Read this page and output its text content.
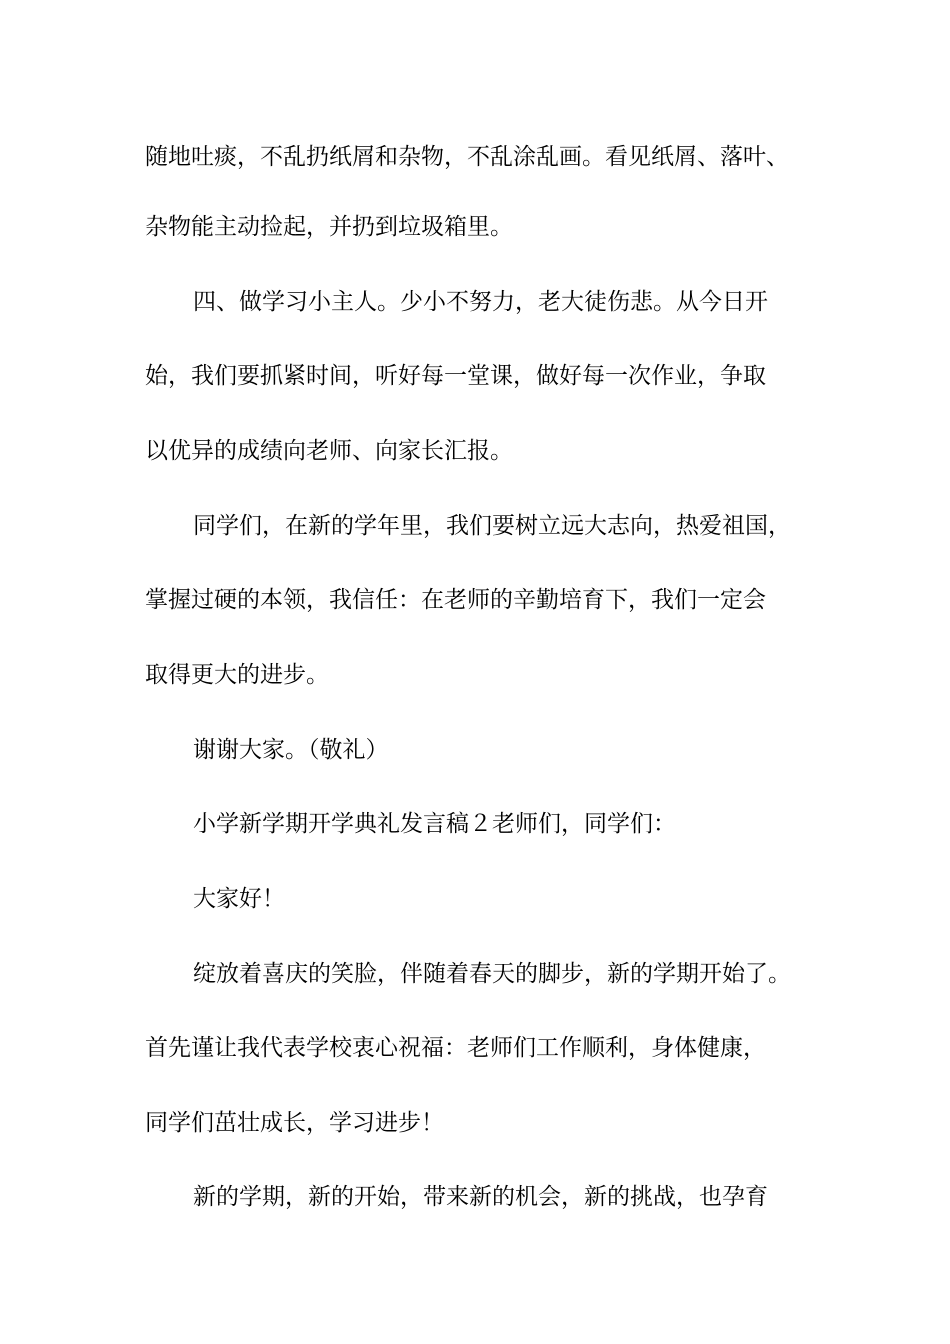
随地吐痰，不乱扔纸屑和杂物，不乱涂乱画。看见纸屑、落叶、

杂物能主动捡起，并扔到垃圾箱里。

四、做学习小主人。少小不努力，老大徒伤悲。从今日开

始，我们要抓紧时间，听好每一堂课，做好每一次作业，争取

以优异的成绩向老师、向家长汇报。

同学们，在新的学年里，我们要树立远大志向，热爱祖国，

掌握过硬的本领，我信任：在老师的辛勤培育下，我们一定会

取得更大的进步。

谢谢大家。（敬礼）

小学新学期开学典礼发言稿２老师们，同学们：

大家好！

绽放着喜庆的笑脸，伴随着春天的脚步，新的学期开始了。

首先谨让我代表学校衷心祝福：老师们工作顺利，身体健康，

同学们茁壮成长，学习进步！

新的学期，新的开始，带来新的机会，新的挑战，也孕育
